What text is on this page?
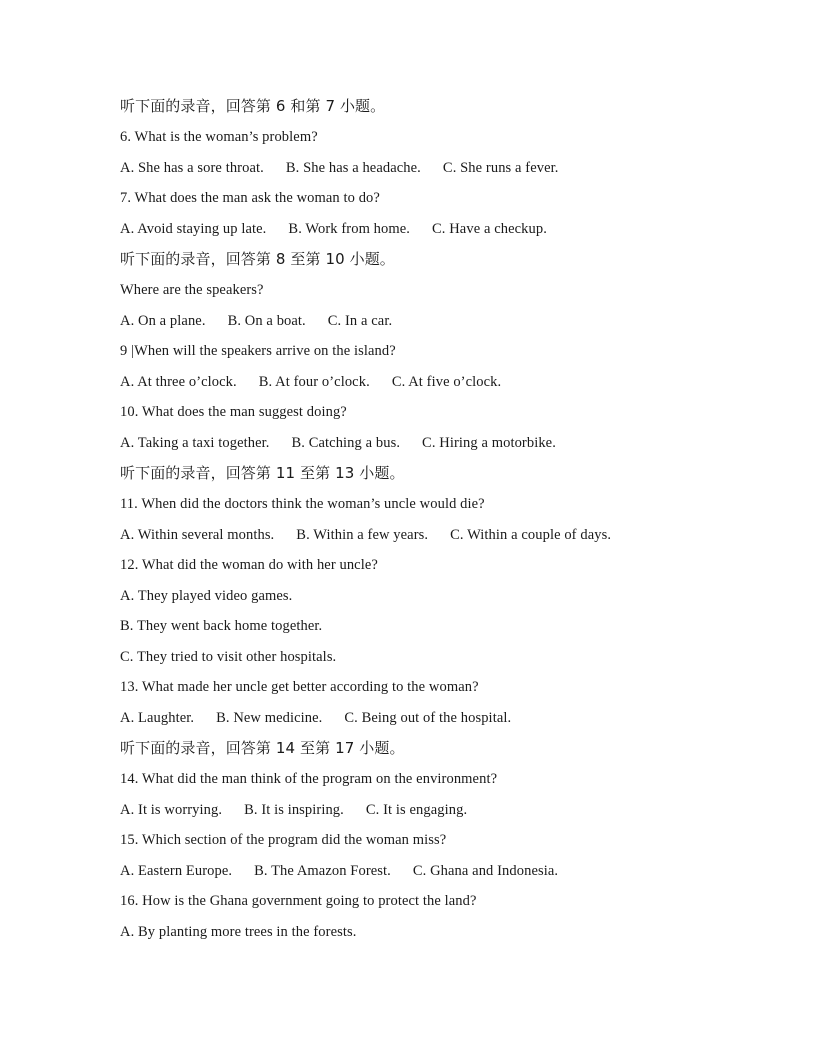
听下面的录音，回答第 6 和第 7 小题。
6. What is the woman’s problem?
A. She has a sore throat. B. She has a headache. C. She runs a fever.
7. What does the man ask the woman to do?
A. Avoid staying up late. B. Work from home. C. Have a checkup.
听下面的录音，回答第 8 至第 10 小题。
Where are the speakers?
A. On a plane. B. On a boat. C. In a car.
9 |When will the speakers arrive on the island?
A. At three o’clock. B. At four o’clock. C. At five o’clock.
10. What does the man suggest doing?
A. Taking a taxi together. B. Catching a bus. C. Hiring a motorbike.
听下面的录音，回答第 11 至第 13 小题。
11. When did the doctors think the woman’s uncle would die?
A. Within several months. B. Within a few years. C. Within a couple of days.
12. What did the woman do with her uncle?
A. They played video games.
B. They went back home together.
C. They tried to visit other hospitals.
13. What made her uncle get better according to the woman?
A. Laughter. B. New medicine. C. Being out of the hospital.
听下面的录音，回答第 14 至第 17 小题。
14. What did the man think of the program on the environment?
A. It is worrying. B. It is inspiring. C. It is engaging.
15. Which section of the program did the woman miss?
A. Eastern Europe. B. The Amazon Forest. C. Ghana and Indonesia.
16. How is the Ghana government going to protect the land?
A. By planting more trees in the forests.
